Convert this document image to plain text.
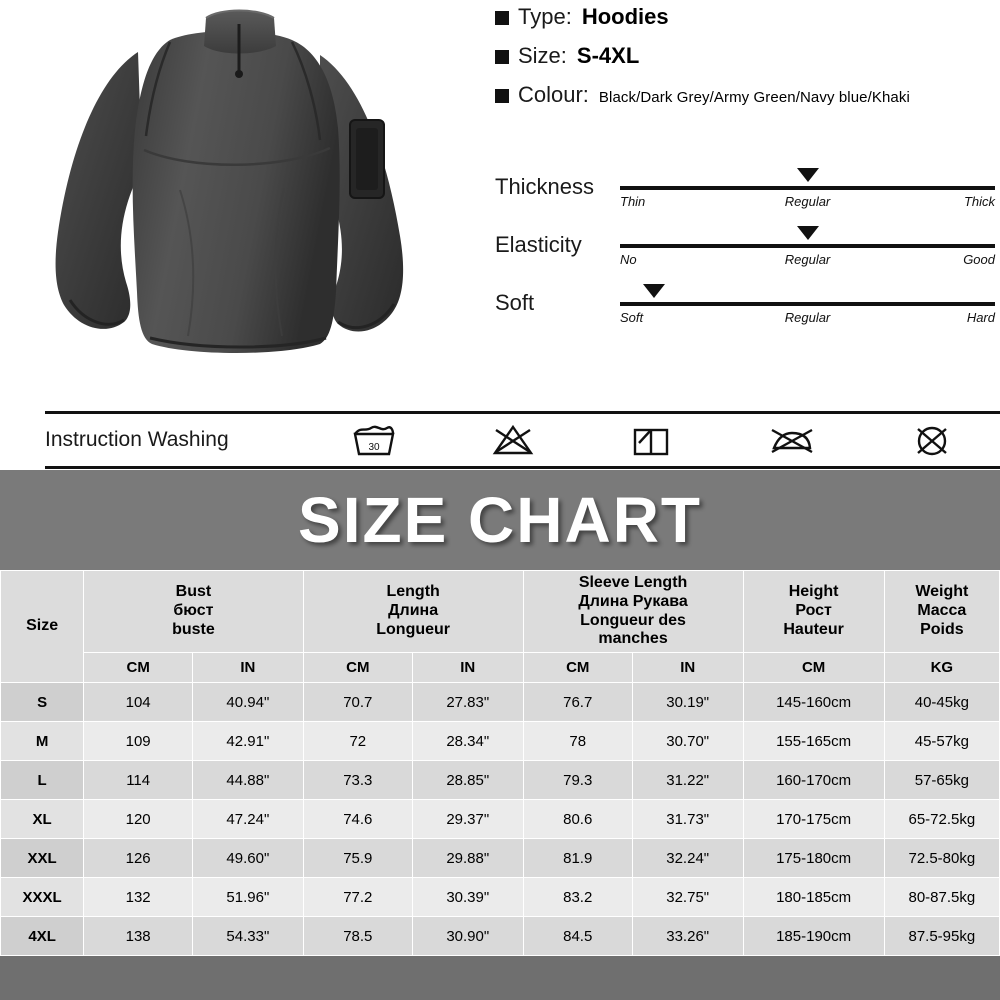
Type: Hoodies
Size: S-4XL
Colour: Black/Dark Grey/Army Green/Navy blue/Khaki
Thickness
Thin	Regular	Thick
Elasticity
No	Regular	Good
Soft
Soft	Regular	Hard
Instruction Washing	30
SIZE CHART
Size	
Bust
бюст
buste

Length
Длина
Longueur

Sleeve Length
Длина Рукава
Longueur des
manches

Height
Рост
Hauteur

Weight
Macca
Poids

	CM	IN	CM	IN	CM	IN	CM	KG
S	104	40.94"	70.7	27.83"	76.7	30.19"	145-160cm	40-45kg
M	109	42.91"	72	28.34"	78	30.70"	155-165cm	45-57kg
L	114	44.88"	73.3	28.85"	79.3	31.22"	160-170cm	57-65kg
XL	120	47.24"	74.6	29.37"	80.6	31.73"	170-175cm	65-72.5kg
XXL	126	49.60"	75.9	29.88"	81.9	32.24"	175-180cm	72.5-80kg
XXXL	132	51.96"	77.2	30.39"	83.2	32.75"	180-185cm	80-87.5kg
4XL	138	54.33"	78.5	30.90"	84.5	33.26"	185-190cm	87.5-95kg
